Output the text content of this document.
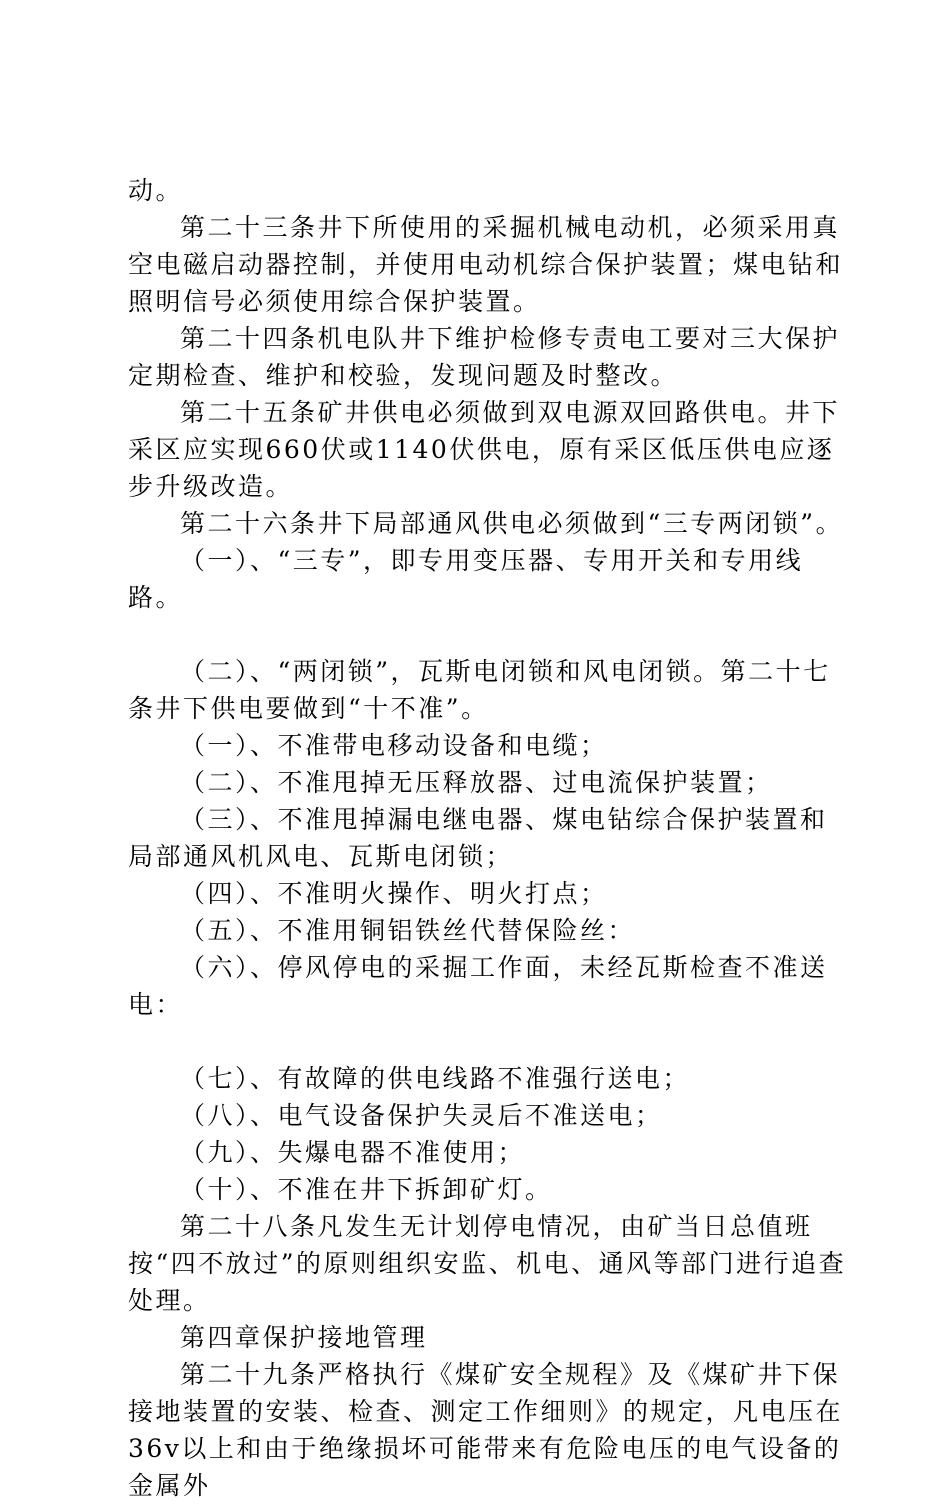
动。

第二十三条井下所使用的采掘机械电动机，必须采用真空电磁启动器控制，并使用电动机综合保护装置；煤电钻和照明信号必须使用综合保护装置。

第二十四条机电队井下维护检修专责电工要对三大保护定期检查、维护和校验，发现问题及时整改。

第二十五条矿井供电必须做到双电源双回路供电。井下采区应实现660伏或1140伏供电，原有采区低压供电应逐步升级改造。

第二十六条井下局部通风供电必须做到“三专两闭锁”。

（一）、“三专”，即专用变压器、专用开关和专用线路。

（二）、“两闭锁”，瓦斯电闭锁和风电闭锁。第二十七条井下供电要做到“十不准”。

（一）、不准带电移动设备和电缆；

（二）、不准甩掉无压释放器、过电流保护装置；

（三）、不准甩掉漏电继电器、煤电钻综合保护装置和局部通风机风电、瓦斯电闭锁；

（四）、不准明火操作、明火打点；

（五）、不准用铜铝铁丝代替保险丝：

（六）、停风停电的采掘工作面，未经瓦斯检查不准送电：

（七）、有故障的供电线路不准强行送电；

（八）、电气设备保护失灵后不准送电；

（九）、失爆电器不准使用；

（十）、不准在井下拆卸矿灯。

第二十八条凡发生无计划停电情况，由矿当日总值班按“四不放过”的原则组织安监、机电、通风等部门进行追查处理。

第四章保护接地管理

第二十九条严格执行《煤矿安全规程》及《煤矿井下保接地装置的安装、检查、测定工作细则》的规定，凡电压在36v以上和由于绝缘损坏可能带来有危险电压的电气设备的金属外
